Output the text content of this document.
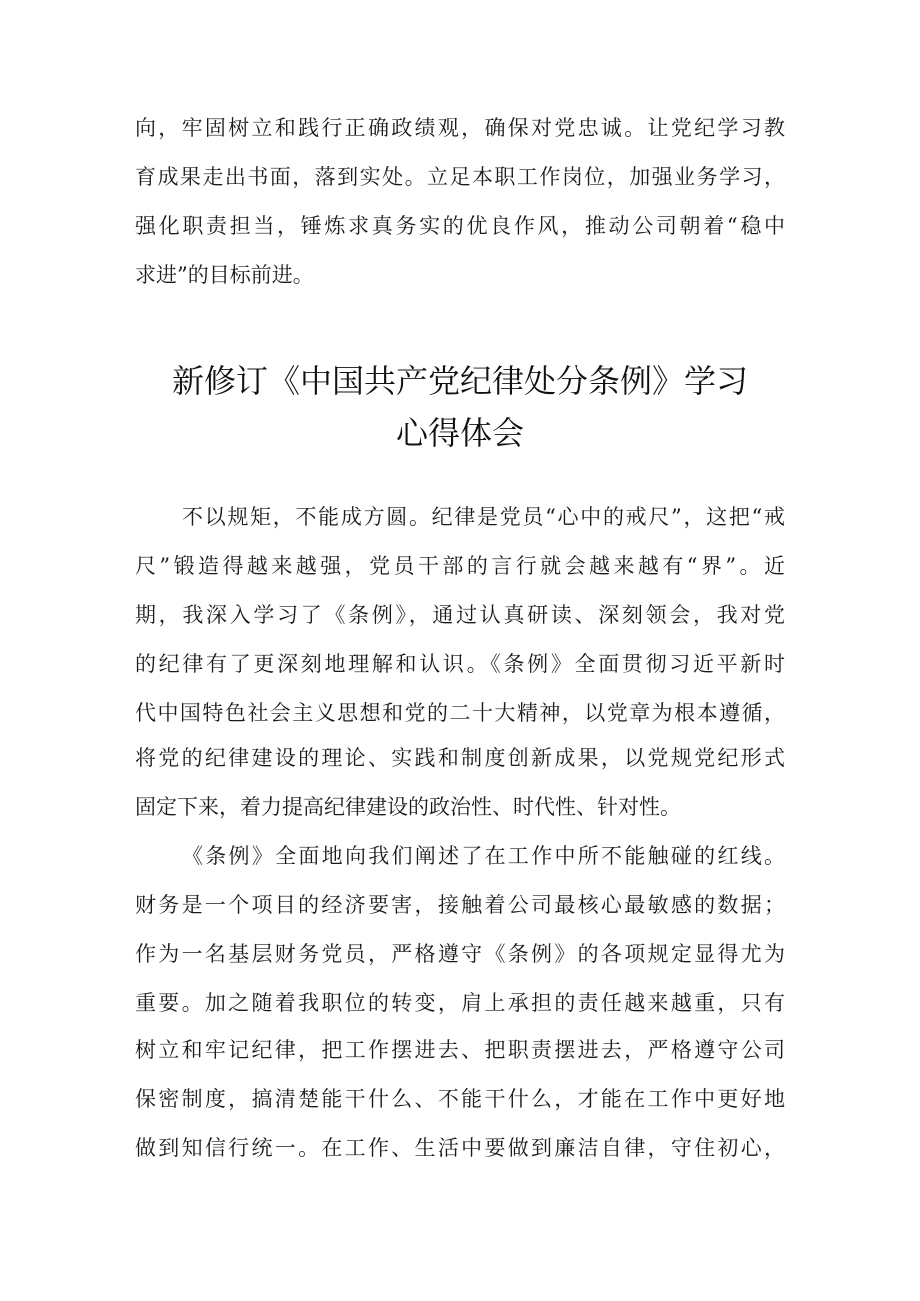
向，牢固树立和践行正确政绩观，确保对党忠诚。让党纪学习教
育成果走出书面，落到实处。立足本职工作岗位，加强业务学习，
强化职责担当，锤炼求真务实的优良作风，推动公司朝着“稳中
求进”的目标前进。
新修订《中国共产党纪律处分条例》学习
心得体会
不以规矩，不能成方圆。纪律是党员“心中的戒尺”，这把“戒
尺”锻造得越来越强，党员干部的言行就会越来越有“界”。近
期，我深入学习了《条例》，通过认真研读、深刻领会，我对党
的纪律有了更深刻地理解和认识。《条例》全面贯彻习近平新时
代中国特色社会主义思想和党的二十大精神，以党章为根本遵循，
将党的纪律建设的理论、实践和制度创新成果，以党规党纪形式
固定下来，着力提高纪律建设的政治性、时代性、针对性。
《条例》全面地向我们阐述了在工作中所不能触碰的红线。
财务是一个项目的经济要害，接触着公司最核心最敏感的数据；
作为一名基层财务党员，严格遵守《条例》的各项规定显得尤为
重要。加之随着我职位的转变，肩上承担的责任越来越重，只有
树立和牢记纪律，把工作摆进去、把职责摆进去，严格遵守公司
保密制度，搞清楚能干什么、不能干什么，才能在工作中更好地
做到知信行统一。在工作、生活中要做到廉洁自律，守住初心，
